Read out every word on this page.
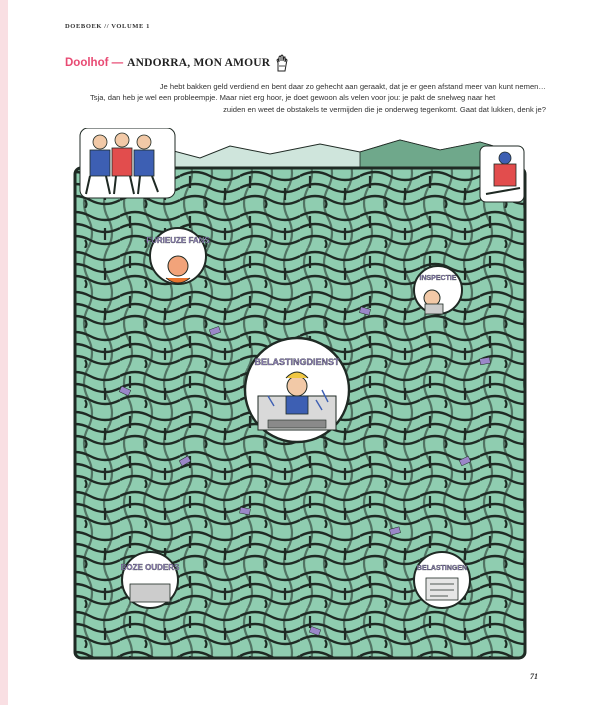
DOEBOEK // VOLUME 1
Doolhof — ANDORRA, MON AMOUR

Je hebt bakken geld verdiend en bent daar zo gehecht aan geraakt, dat je er geen afstand meer van kunt nemen…

Tsja, dan heb je wel een probleempje. Maar niet erg hoor, je doet gewoon als velen voor jou: je pakt de snelweg naar het

zuiden en weet de obstakels te vermijden die je onderweg tegenkomt. Gaat dat lukken, denk je?

FURIEUZE FANS
INSPECTIE
BELASTINGDIENST
BOZE OUDERS	BELASTINGEN
71
